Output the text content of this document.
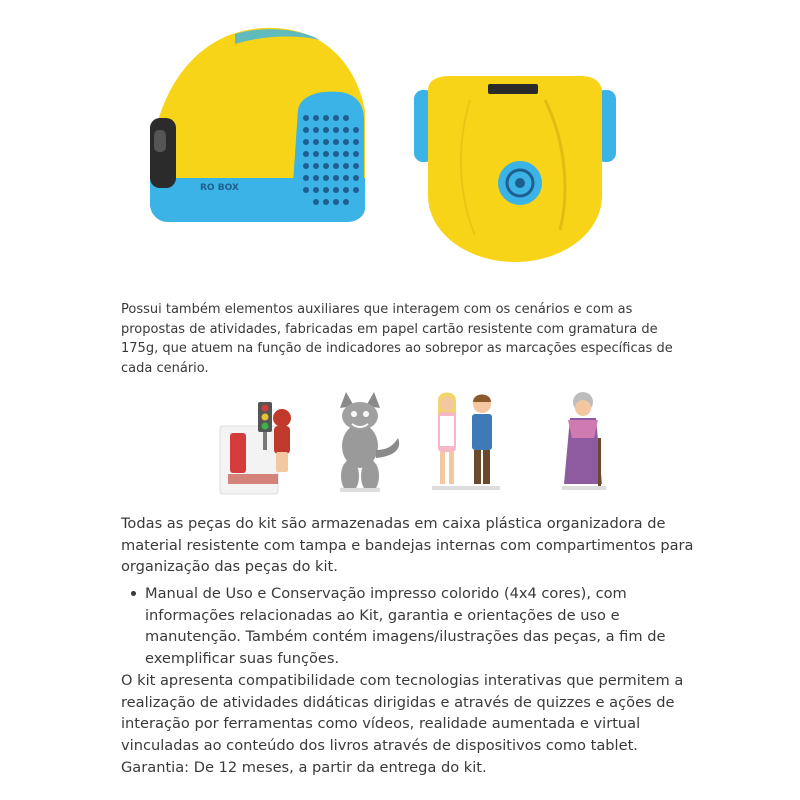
RO BOX

Possui também elementos auxiliares que interagem com os cenários e com as propostas de atividades, fabricadas em papel cartão resistente com gramatura de 175g, que atuem na função de indicadores ao sobrepor as marcações específicas de cada cenário.

Todas as peças do kit são armazenadas em caixa plástica organizadora de material resistente com tampa e bandejas internas com compartimentos para organização das peças do kit.

Manual de Uso e Conservação impresso colorido (4x4 cores), com informações relacionadas ao Kit, garantia e orientações de uso e manutenção. Também contém imagens/ilustrações das peças, a fim de exemplificar suas funções.

O kit apresenta compatibilidade com tecnologias interativas que permitem a realização de atividades didáticas dirigidas e através de quizzes e ações de interação por ferramentas como vídeos, realidade aumentada e virtual vinculadas ao conteúdo dos livros através de dispositivos como tablet.

Garantia: De 12 meses, a partir da entrega do kit.
